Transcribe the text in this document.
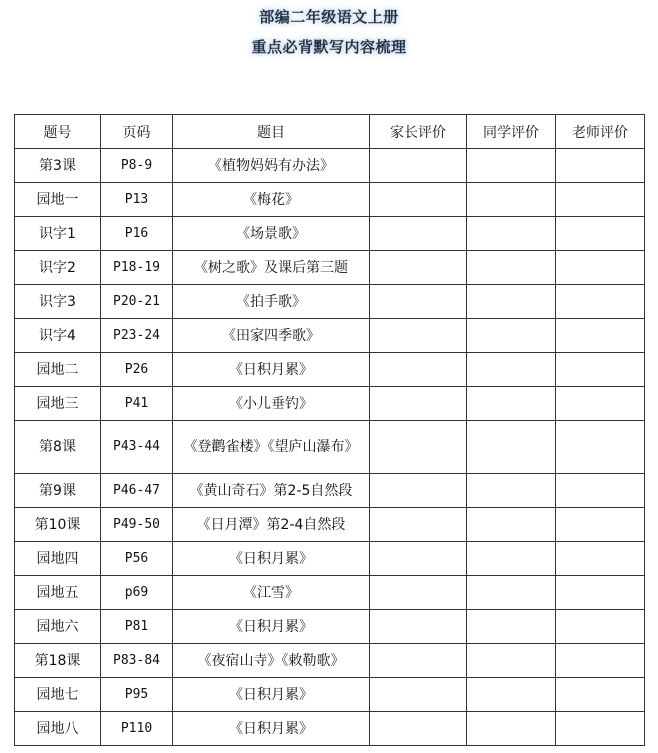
部编二年级语文上册
重点必背默写内容梳理
题号	页码	题目	家长评价	同学评价	老师评价
第3课	P8-9	《植物妈妈有办法》			
园地一	P13	《梅花》			
识字1	P16	《场景歌》			
识字2	P18-19	《树之歌》及课后第三题			
识字3	P20-21	《拍手歌》			
识字4	P23-24	《田家四季歌》			
园地二	P26	《日积月累》			
园地三	P41	《小儿垂钓》			
第8课	P43-44	《登鹳雀楼》《望庐山瀑布》			
第9课	P46-47	《黄山奇石》第2-5自然段			
第10课	P49-50	《日月潭》第2-4自然段			
园地四	P56	《日积月累》			
园地五	p69	《江雪》			
园地六	P81	《日积月累》			
第18课	P83-84	《夜宿山寺》《敕勒歌》			
园地七	P95	《日积月累》			
园地八	P110	《日积月累》			
